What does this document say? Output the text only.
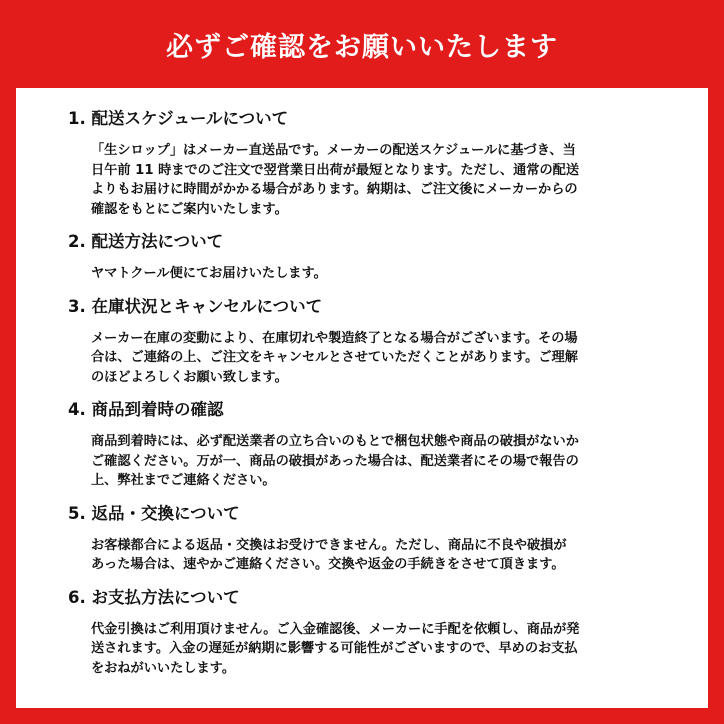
必ずご確認をお願いいたします

1. 配送スケジュールについて

「生シロップ」はメーカー直送品です。メーカーの配送スケジュールに基づき、当
日午前 11 時までのご注文で翌営業日出荷が最短となります。ただし、通常の配送
よりもお届けに時間がかかる場合があります。納期は、ご注文後にメーカーからの
確認をもとにご案内いたします。

2. 配送方法について

ヤマトクール便にてお届けいたします。

3. 在庫状況とキャンセルについて

メーカー在庫の変動により、在庫切れや製造終了となる場合がございます。その場
合は、ご連絡の上、ご注文をキャンセルとさせていただくことがあります。ご理解
のほどよろしくお願い致します。

4. 商品到着時の確認

商品到着時には、必ず配送業者の立ち合いのもとで梱包状態や商品の破損がないか
ご確認ください。万が一、商品の破損があった場合は、配送業者にその場で報告の
上、弊社までご連絡ください。

5. 返品・交換について

お客様都合による返品・交換はお受けできません。ただし、商品に不良や破損が
あった場合は、速やかご連絡ください。交換や返金の手続きをさせて頂きます。

6. お支払方法について

代金引換はご利用頂けません。ご入金確認後、メーカーに手配を依頼し、商品が発
送されます。入金の遅延が納期に影響する可能性がございますので、早めのお支払
をおねがいいたします。
